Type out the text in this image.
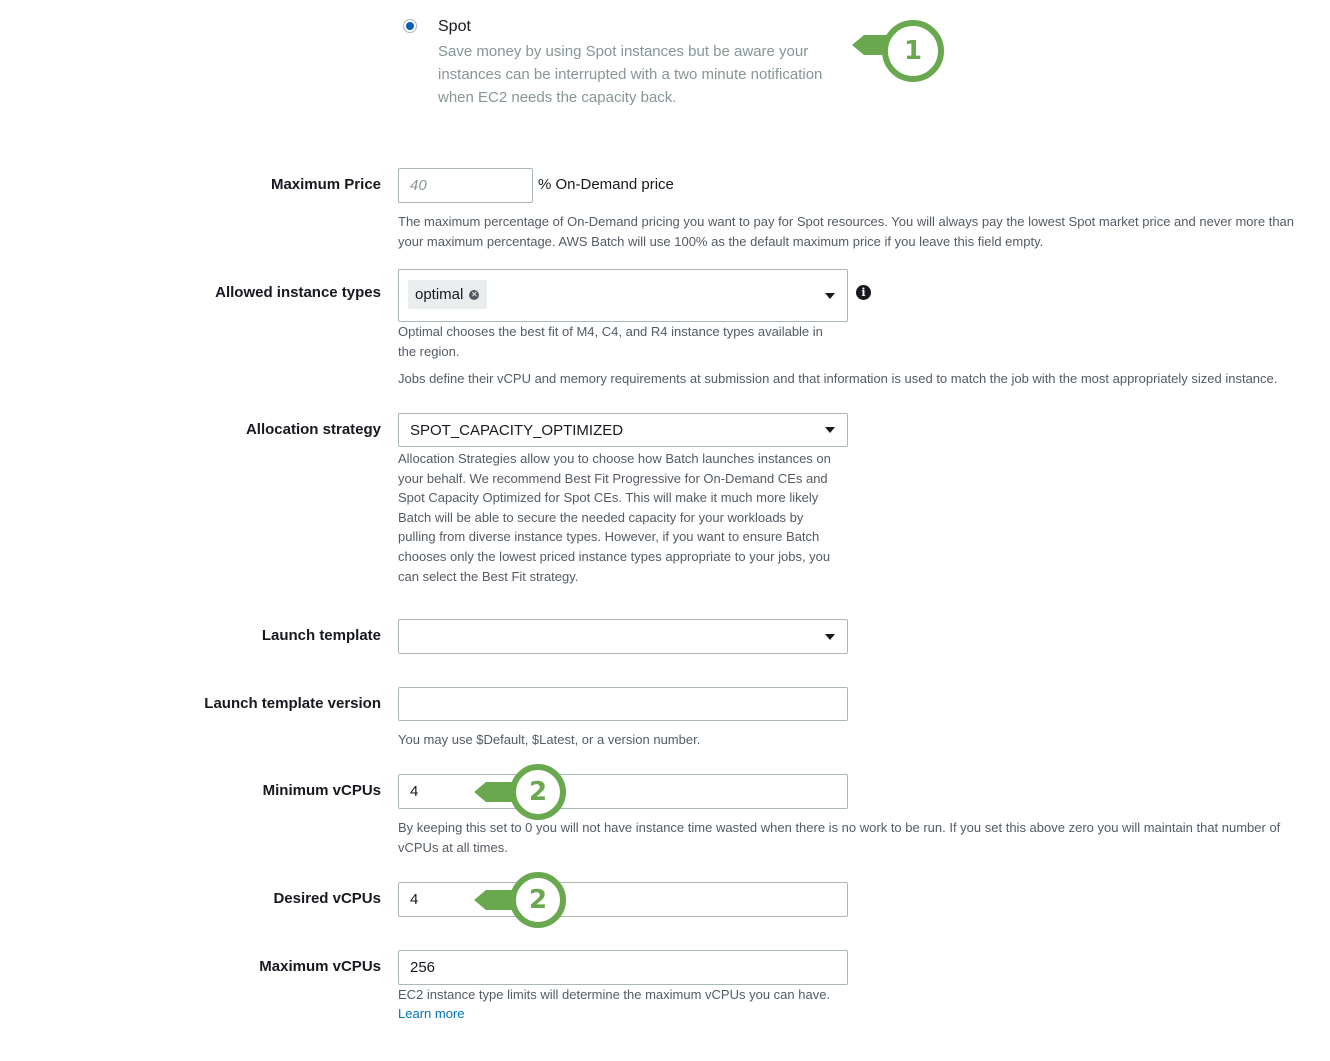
Spot
Save money by using Spot instances but be aware your instances can be interrupted with a two minute notification when EC2 needs the capacity back.
1
Maximum Price	40	% On-Demand price
The maximum percentage of On-Demand pricing you want to pay for Spot resources. You will always pay the lowest Spot market price and never more than your maximum percentage. AWS Batch will use 100% as the default maximum price if you leave this field empty.
Allowed instance types optimal ✕	i
Optimal chooses the best fit of M4, C4, and R4 instance types available in the region.
Jobs define their vCPU and memory requirements at submission and that information is used to match the job with the most appropriately sized instance.
Allocation strategy SPOT_CAPACITY_OPTIMIZED
Allocation Strategies allow you to choose how Batch launches instances on your behalf. We recommend Best Fit Progressive for On-Demand CEs and Spot Capacity Optimized for Spot CEs. This will make it much more likely Batch will be able to secure the needed capacity for your workloads by pulling from diverse instance types. However, if you want to ensure Batch chooses only the lowest priced instance types appropriate to your jobs, you can select the Best Fit strategy.
Launch template
Launch template version
You may use $Default, $Latest, or a version number.
Minimum vCPUs	4
By keeping this set to 0 you will not have instance time wasted when there is no work to be run. If you set this above zero you will maintain that number of vCPUs at all times.
2
Desired vCPUs	4	2
Maximum vCPUs	256
EC2 instance type limits will determine the maximum vCPUs you can have.
Learn more
